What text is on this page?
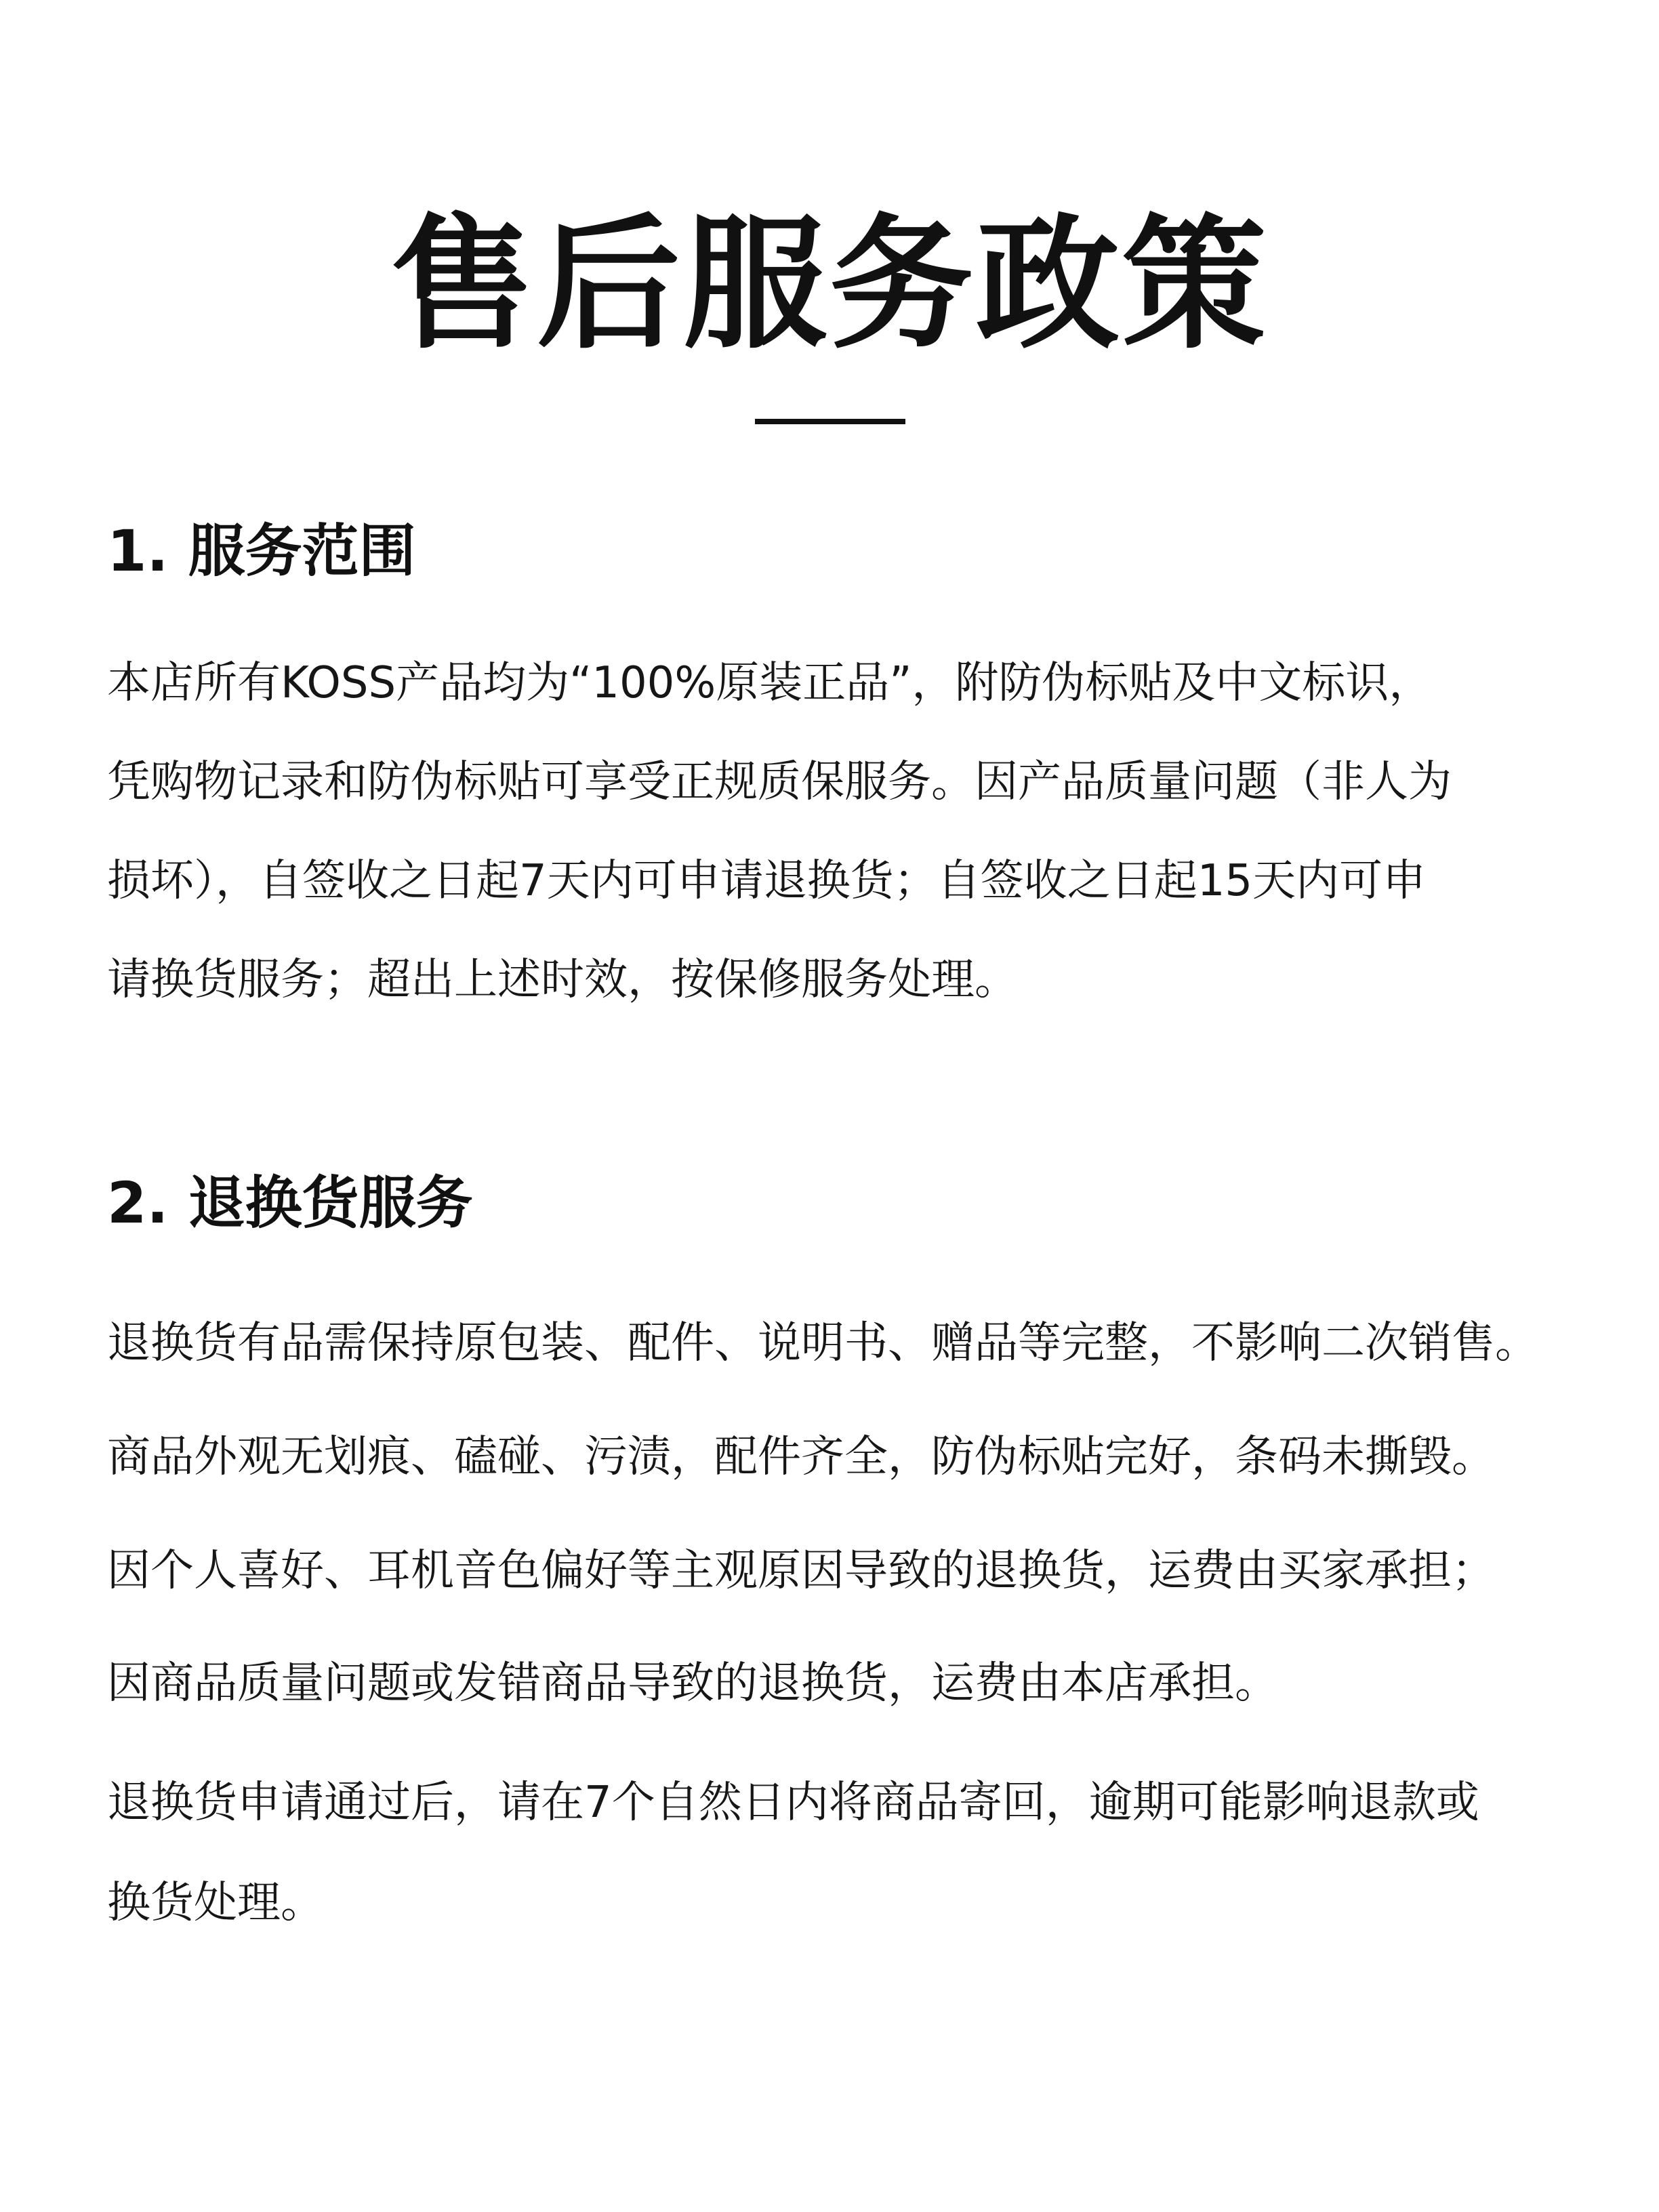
售后服务政策
1. 服务范围
本店所有KOSS产品均为“100%原装正品”，附防伪标贴及中文标识，
凭购物记录和防伪标贴可享受正规质保服务。因产品质量问题（非人为
损坏），自签收之日起7天内可申请退换货；自签收之日起15天内可申
请换货服务；超出上述时效，按保修服务处理。
2. 退换货服务
退换货有品需保持原包装、配件、说明书、赠品等完整，不影响二次销售。
商品外观无划痕、磕碰、污渍，配件齐全，防伪标贴完好，条码未撕毁。
因个人喜好、耳机音色偏好等主观原因导致的退换货，运费由买家承担；
因商品质量问题或发错商品导致的退换货，运费由本店承担。
退换货申请通过后，请在7个自然日内将商品寄回，逾期可能影响退款或
换货处理。
